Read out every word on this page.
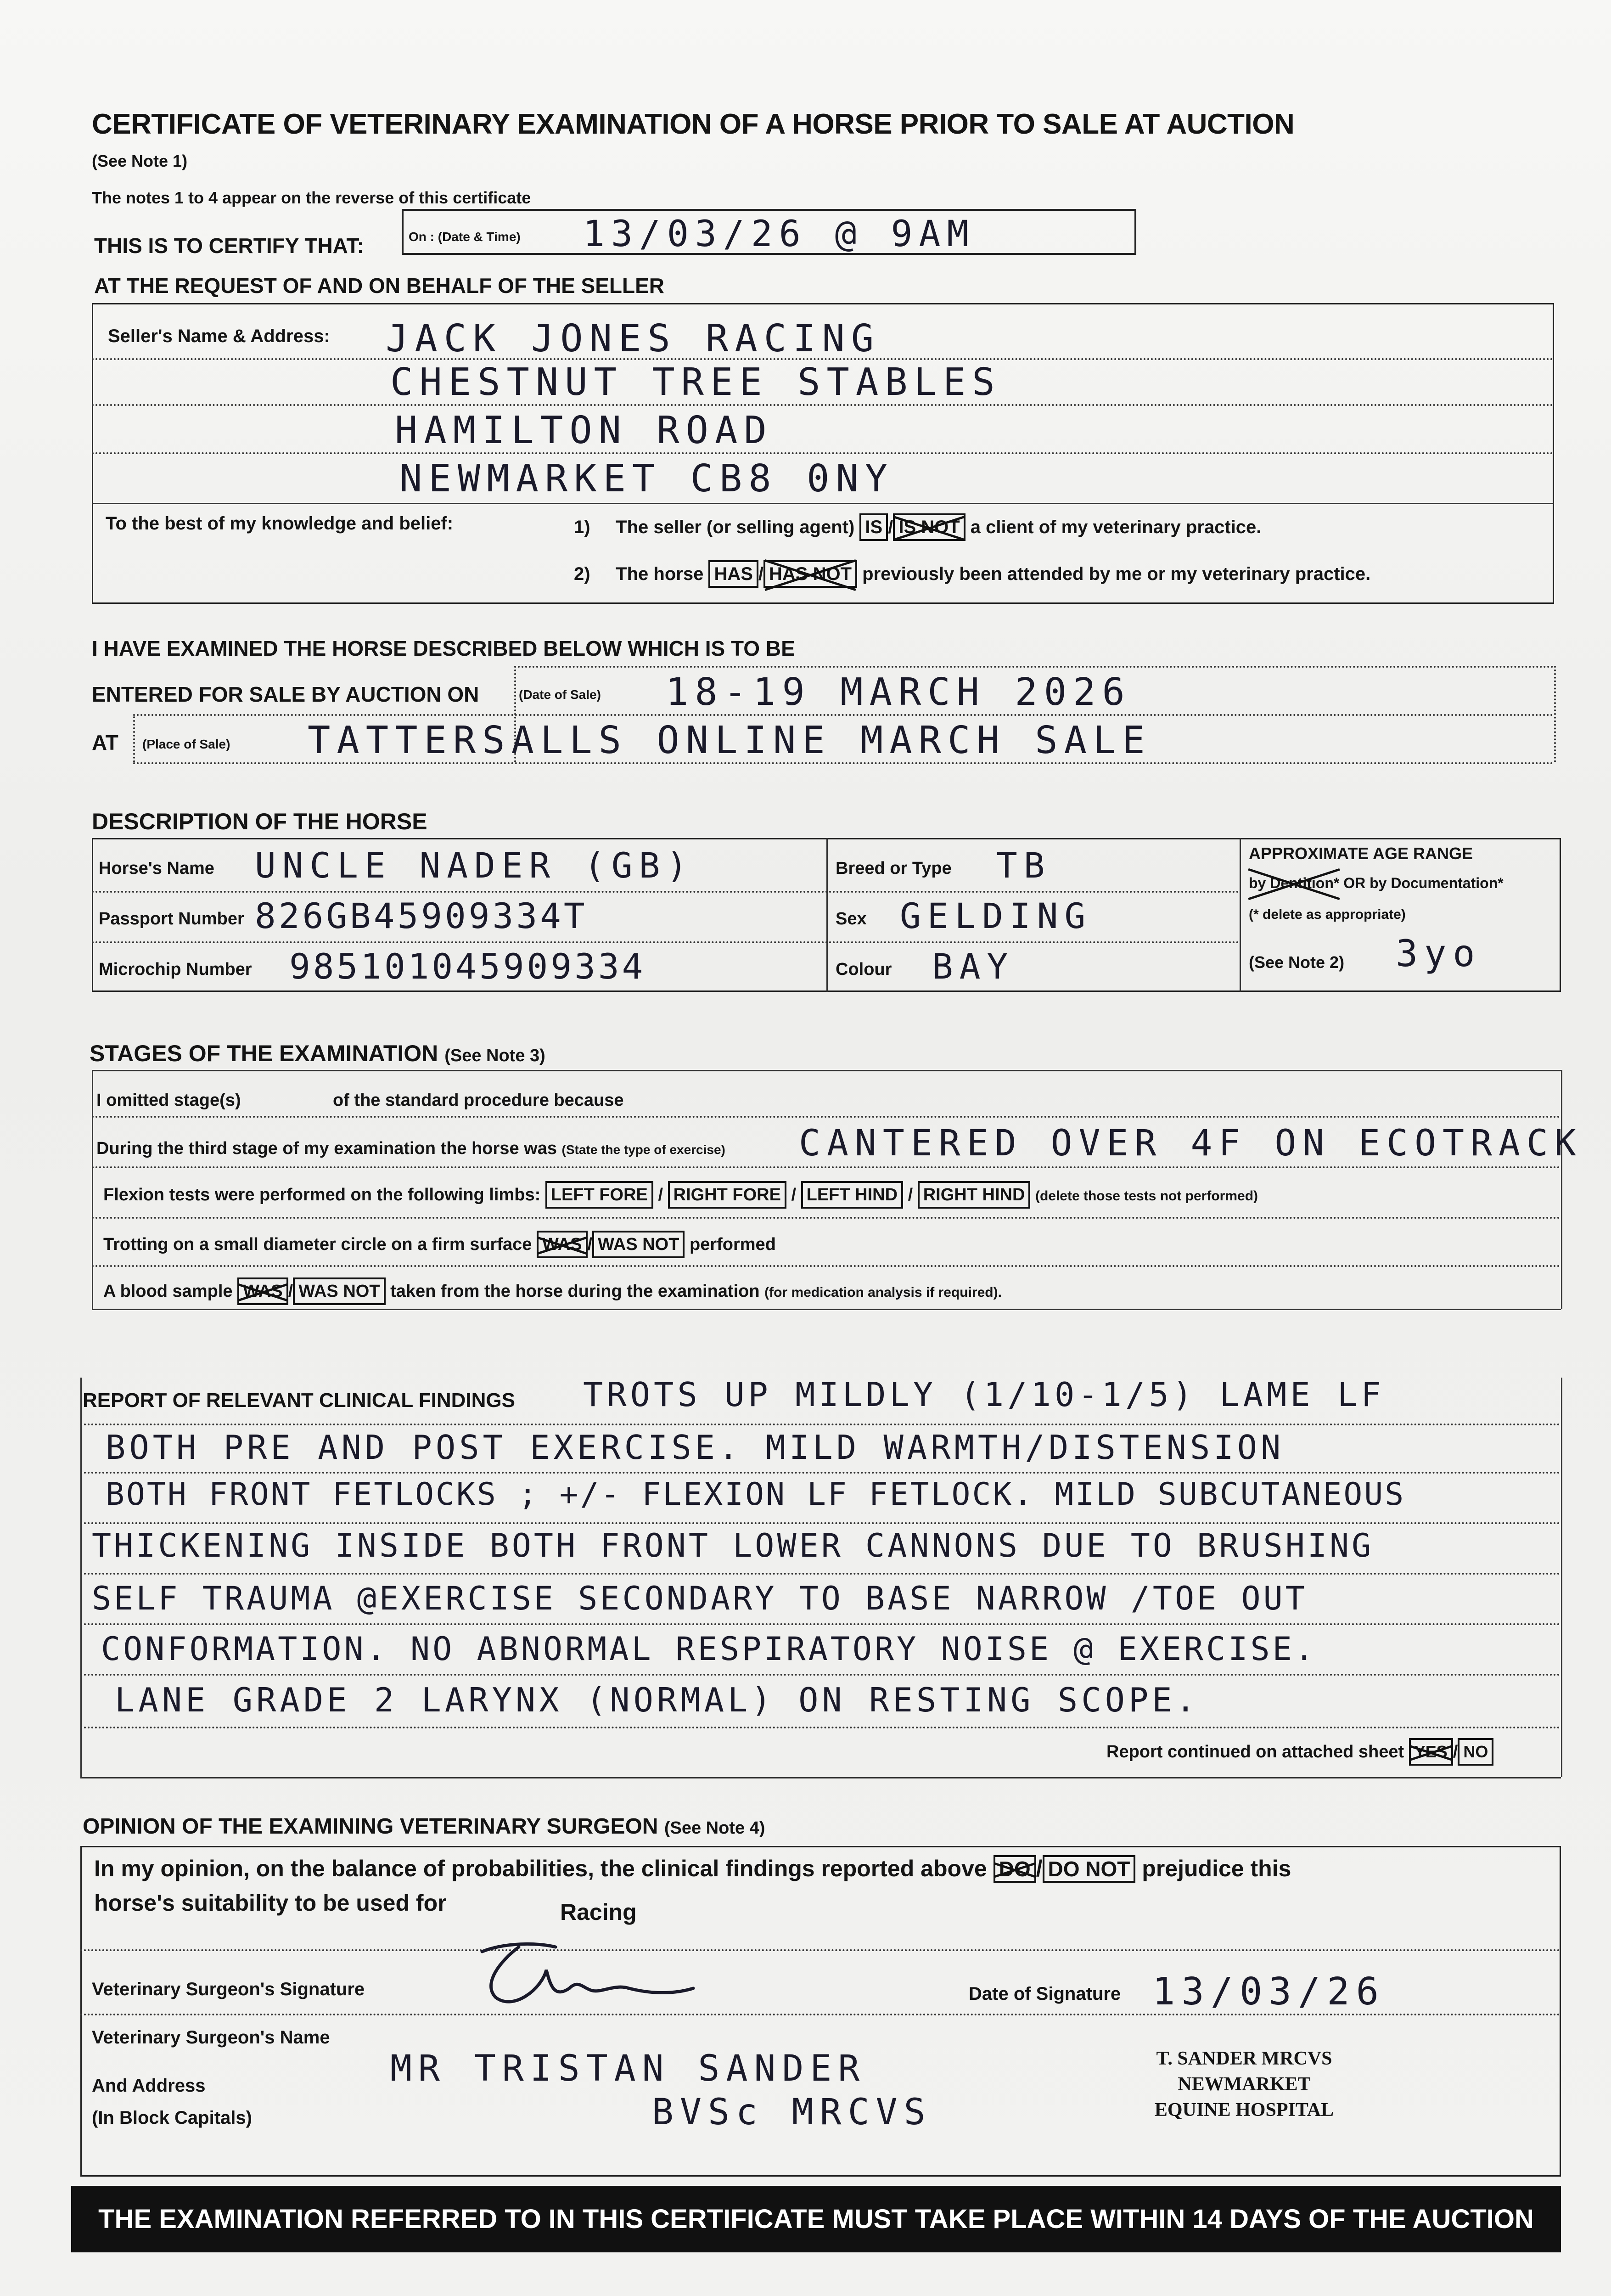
CERTIFICATE OF VETERINARY EXAMINATION OF A HORSE PRIOR TO SALE AT AUCTION
(See Note 1)
The notes 1 to 4 appear on the reverse of this certificate
THIS IS TO CERTIFY THAT:	On : (Date & Time) 13/03/26 @ 9AM
AT THE REQUEST OF AND ON BEHALF OF THE SELLER
Seller's Name & Address: JACK JONES RACING
CHESTNUT TREE STABLES
HAMILTON ROAD
NEWMARKET CB8 0NY
To the best of my knowledge and belief:	1) The seller (or selling agent) IS / IS NOT a client of my veterinary practice.
2) The horse HAS / HAS NOT previously been attended by me or my veterinary practice.
I HAVE EXAMINED THE HORSE DESCRIBED BELOW WHICH IS TO BE
ENTERED FOR SALE BY AUCTION ON	(Date of Sale) 18-19 MARCH 2026
AT (Place of Sale) TATTERSALLS ONLINE MARCH SALE
DESCRIPTION OF THE HORSE
Horse's Name UNCLE NADER (GB)
Passport Number 826GB45909334T
Microchip Number 985101045909334
Breed or Type TB
Sex GELDING
Colour BAY
APPROXIMATE AGE RANGE
by Dentition* OR by Documentation*
(* delete as appropriate)
(See Note 2) 3yo
STAGES OF THE EXAMINATION (See Note 3)
I omitted stage(s)	of the standard procedure because
During the third stage of my examination the horse was (State the type of exercise) CANTERED OVER 4F ON ECOTRACK
Flexion tests were performed on the following limbs: LEFT FORE / RIGHT FORE / LEFT HIND / RIGHT HIND (delete those tests not performed)
Trotting on a small diameter circle on a firm surface WAS / WAS NOT performed
A blood sample WAS / WAS NOT taken from the horse during the examination (for medication analysis if required).
REPORT OF RELEVANT CLINICAL FINDINGS TROTS UP MILDLY (1/10-1/5) LAME LF
BOTH PRE AND POST EXERCISE. MILD WARMTH/DISTENSION
BOTH FRONT FETLOCKS ; +/- FLEXION LF FETLOCK. MILD SUBCUTANEOUS
THICKENING INSIDE BOTH FRONT LOWER CANNONS DUE TO BRUSHING
SELF TRAUMA @EXERCISE SECONDARY TO BASE NARROW /TOE OUT
CONFORMATION. NO ABNORMAL RESPIRATORY NOISE @ EXERCISE.
LANE GRADE 2 LARYNX (NORMAL) ON RESTING SCOPE.
Report continued on attached sheet YES / NO
OPINION OF THE EXAMINING VETERINARY SURGEON (See Note 4)
In my opinion, on the balance of probabilities, the clinical findings reported above DO / DO NOT prejudice this
horse's suitability to be used for	Racing
Veterinary Surgeon's Signature	Date of Signature 13/03/26
Veterinary Surgeon's Name
And Address
(In Block Capitals)
MR TRISTAN SANDER
BVSc MRCVS
T. SANDER MRCVS
NEWMARKET
EQUINE HOSPITAL
THE EXAMINATION REFERRED TO IN THIS CERTIFICATE MUST TAKE PLACE WITHIN 14 DAYS OF THE AUCTION
